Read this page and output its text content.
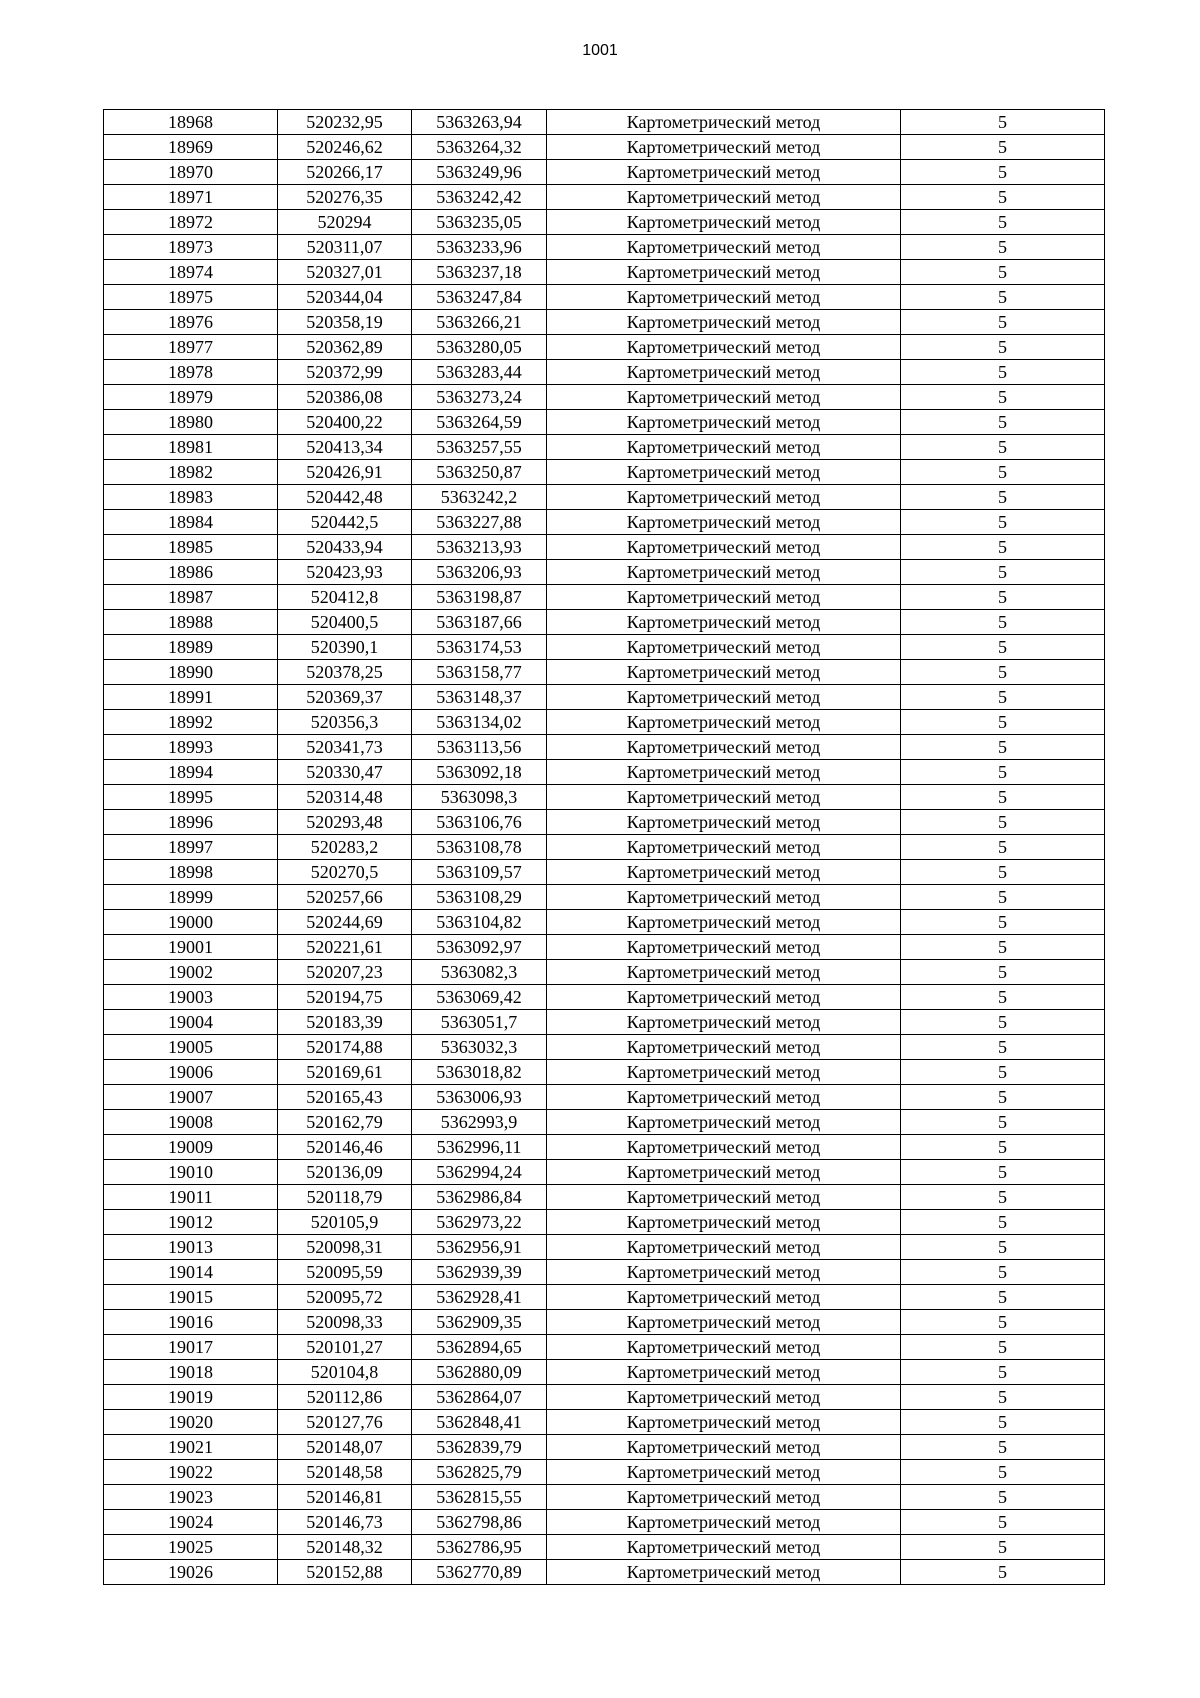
1001
18968	520232,95	5363263,94	Картометрический метод	5
18969	520246,62	5363264,32	Картометрический метод	5
18970	520266,17	5363249,96	Картометрический метод	5
18971	520276,35	5363242,42	Картометрический метод	5
18972	520294	5363235,05	Картометрический метод	5
18973	520311,07	5363233,96	Картометрический метод	5
18974	520327,01	5363237,18	Картометрический метод	5
18975	520344,04	5363247,84	Картометрический метод	5
18976	520358,19	5363266,21	Картометрический метод	5
18977	520362,89	5363280,05	Картометрический метод	5
18978	520372,99	5363283,44	Картометрический метод	5
18979	520386,08	5363273,24	Картометрический метод	5
18980	520400,22	5363264,59	Картометрический метод	5
18981	520413,34	5363257,55	Картометрический метод	5
18982	520426,91	5363250,87	Картометрический метод	5
18983	520442,48	5363242,2	Картометрический метод	5
18984	520442,5	5363227,88	Картометрический метод	5
18985	520433,94	5363213,93	Картометрический метод	5
18986	520423,93	5363206,93	Картометрический метод	5
18987	520412,8	5363198,87	Картометрический метод	5
18988	520400,5	5363187,66	Картометрический метод	5
18989	520390,1	5363174,53	Картометрический метод	5
18990	520378,25	5363158,77	Картометрический метод	5
18991	520369,37	5363148,37	Картометрический метод	5
18992	520356,3	5363134,02	Картометрический метод	5
18993	520341,73	5363113,56	Картометрический метод	5
18994	520330,47	5363092,18	Картометрический метод	5
18995	520314,48	5363098,3	Картометрический метод	5
18996	520293,48	5363106,76	Картометрический метод	5
18997	520283,2	5363108,78	Картометрический метод	5
18998	520270,5	5363109,57	Картометрический метод	5
18999	520257,66	5363108,29	Картометрический метод	5
19000	520244,69	5363104,82	Картометрический метод	5
19001	520221,61	5363092,97	Картометрический метод	5
19002	520207,23	5363082,3	Картометрический метод	5
19003	520194,75	5363069,42	Картометрический метод	5
19004	520183,39	5363051,7	Картометрический метод	5
19005	520174,88	5363032,3	Картометрический метод	5
19006	520169,61	5363018,82	Картометрический метод	5
19007	520165,43	5363006,93	Картометрический метод	5
19008	520162,79	5362993,9	Картометрический метод	5
19009	520146,46	5362996,11	Картометрический метод	5
19010	520136,09	5362994,24	Картометрический метод	5
19011	520118,79	5362986,84	Картометрический метод	5
19012	520105,9	5362973,22	Картометрический метод	5
19013	520098,31	5362956,91	Картометрический метод	5
19014	520095,59	5362939,39	Картометрический метод	5
19015	520095,72	5362928,41	Картометрический метод	5
19016	520098,33	5362909,35	Картометрический метод	5
19017	520101,27	5362894,65	Картометрический метод	5
19018	520104,8	5362880,09	Картометрический метод	5
19019	520112,86	5362864,07	Картометрический метод	5
19020	520127,76	5362848,41	Картометрический метод	5
19021	520148,07	5362839,79	Картометрический метод	5
19022	520148,58	5362825,79	Картометрический метод	5
19023	520146,81	5362815,55	Картометрический метод	5
19024	520146,73	5362798,86	Картометрический метод	5
19025	520148,32	5362786,95	Картометрический метод	5
19026	520152,88	5362770,89	Картометрический метод	5
